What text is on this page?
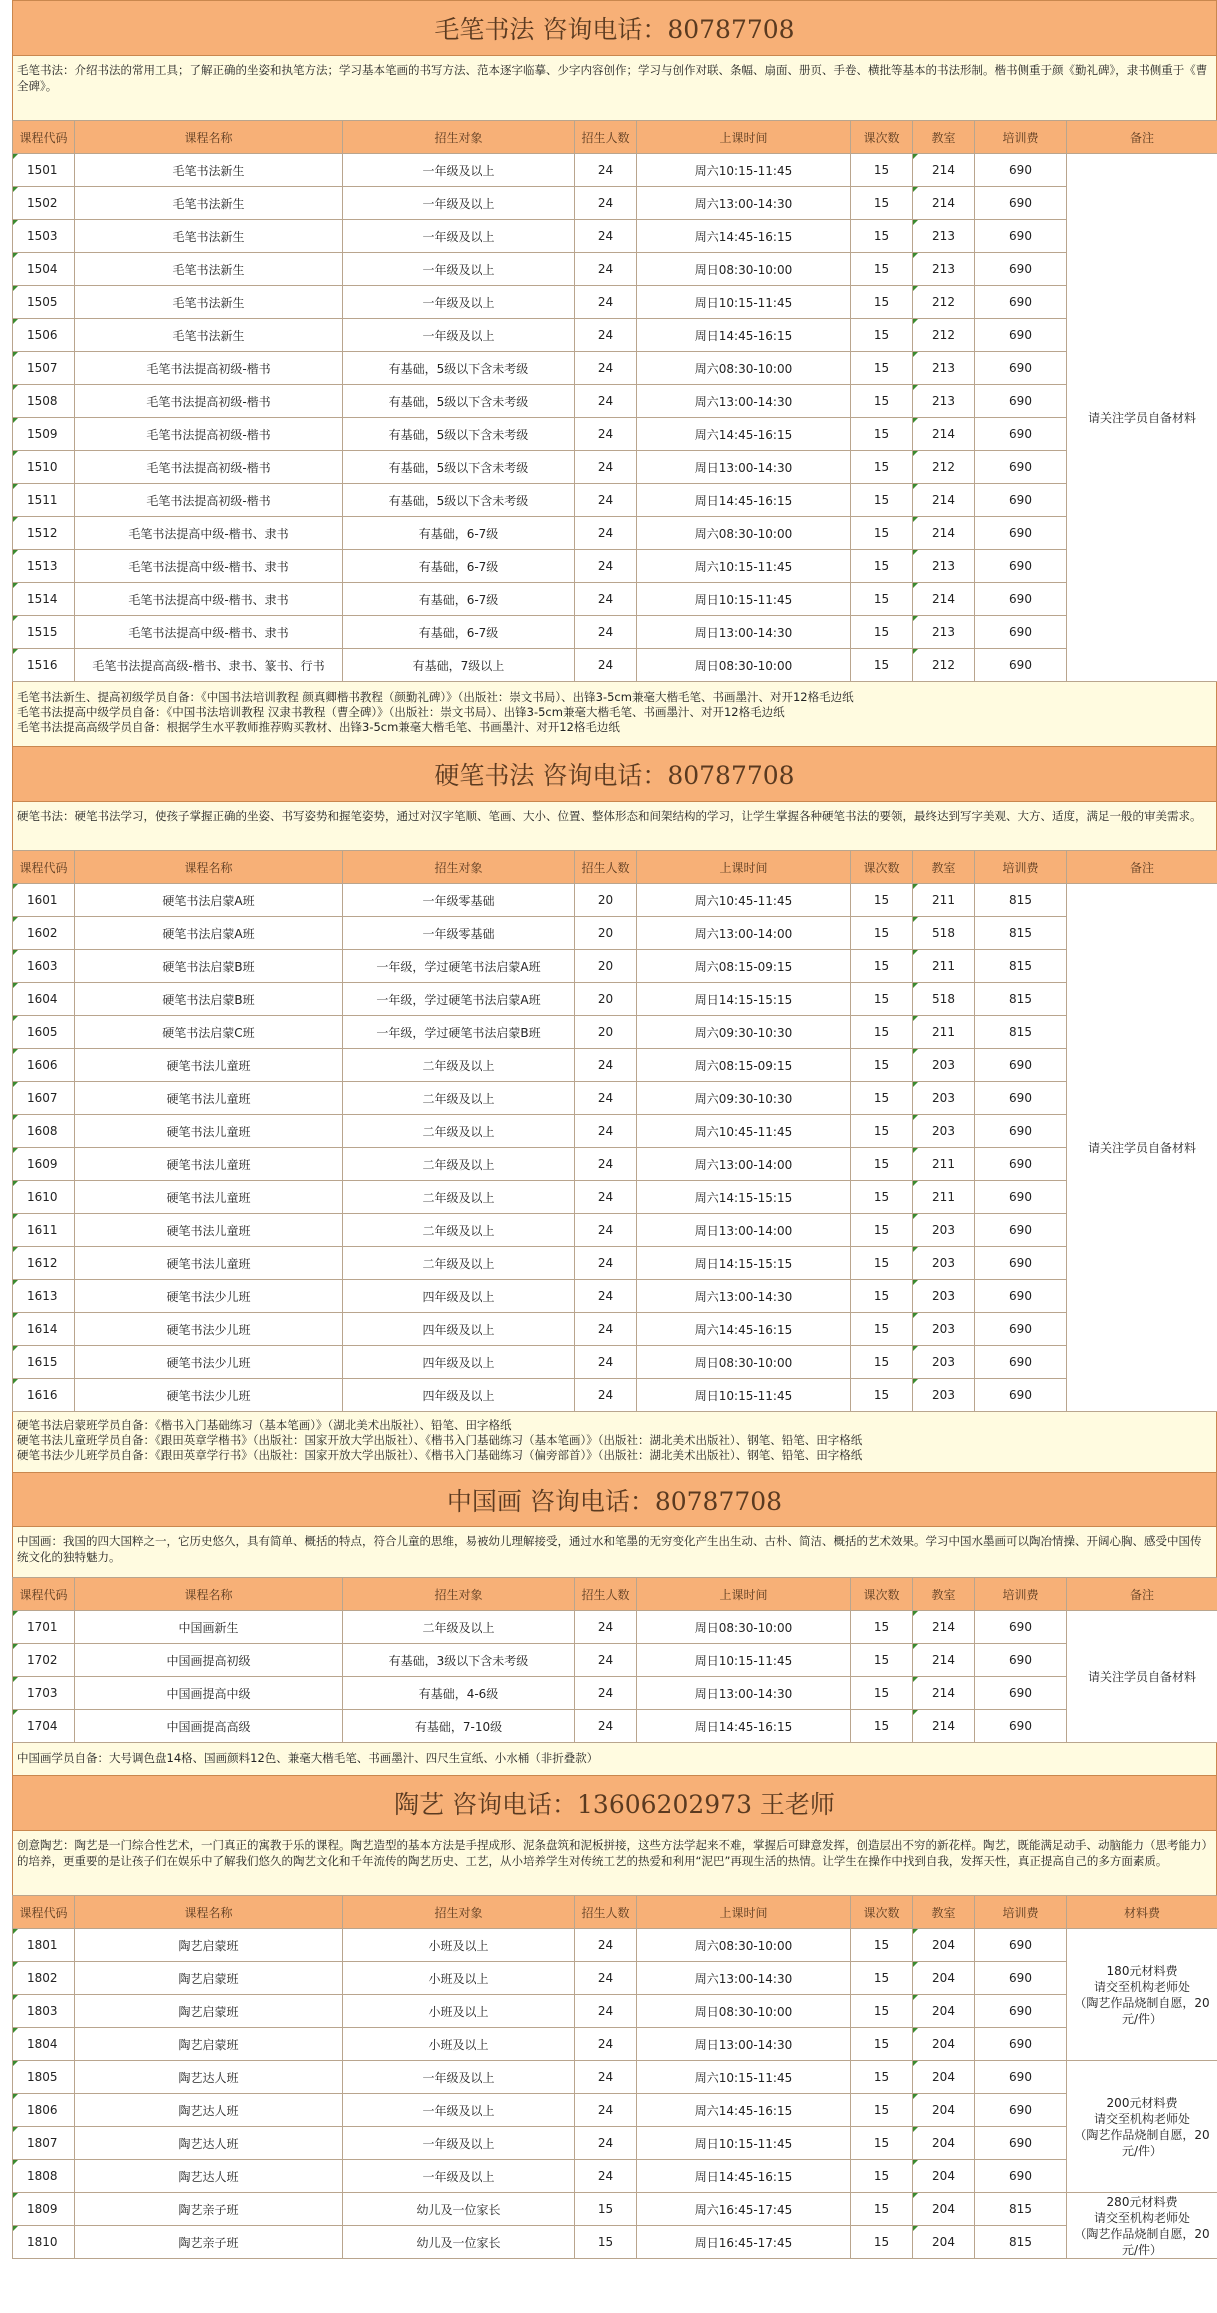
毛笔书法 咨询电话：80787708
毛笔书法：介绍书法的常用工具；了解正确的坐姿和执笔方法；学习基本笔画的书写方法、范本逐字临摹、少字内容创作；学习与创作对联、条幅、扇面、册页、手卷、横批等基本的书法形制。楷书侧重于颜《勤礼碑》，隶书侧重于《曹全碑》。
课程代码	课程名称	招生对象	招生人数	上课时间	课次数	教室	培训费	备注
1501	毛笔书法新生	一年级及以上	24	周六10:15-11:45	15	214	690	请关注学员自备材料
1502	毛笔书法新生	一年级及以上	24	周六13:00-14:30	15	214	690	
1503	毛笔书法新生	一年级及以上	24	周六14:45-16:15	15	213	690	
1504	毛笔书法新生	一年级及以上	24	周日08:30-10:00	15	213	690	
1505	毛笔书法新生	一年级及以上	24	周日10:15-11:45	15	212	690	
1506	毛笔书法新生	一年级及以上	24	周日14:45-16:15	15	212	690	
1507	毛笔书法提高初级-楷书	有基础，5级以下含未考级	24	周六08:30-10:00	15	213	690	
1508	毛笔书法提高初级-楷书	有基础，5级以下含未考级	24	周六13:00-14:30	15	213	690	
1509	毛笔书法提高初级-楷书	有基础，5级以下含未考级	24	周六14:45-16:15	15	214	690	
1510	毛笔书法提高初级-楷书	有基础，5级以下含未考级	24	周日13:00-14:30	15	212	690	
1511	毛笔书法提高初级-楷书	有基础，5级以下含未考级	24	周日14:45-16:15	15	214	690	
1512	毛笔书法提高中级-楷书、隶书	有基础，6-7级	24	周六08:30-10:00	15	214	690	
1513	毛笔书法提高中级-楷书、隶书	有基础，6-7级	24	周六10:15-11:45	15	213	690	
1514	毛笔书法提高中级-楷书、隶书	有基础，6-7级	24	周日10:15-11:45	15	214	690	
1515	毛笔书法提高中级-楷书、隶书	有基础，6-7级	24	周日13:00-14:30	15	213	690	
1516	毛笔书法提高高级-楷书、隶书、篆书、行书	有基础，7级以上	24	周日08:30-10:00	15	212	690	
毛笔书法新生、提高初级学员自备：《中国书法培训教程 颜真卿楷书教程（颜勤礼碑）》（出版社：崇文书局）、出锋3-5cm兼毫大楷毛笔、书画墨汁、对开12格毛边纸
毛笔书法提高中级学员自备：《中国书法培训教程 汉隶书教程（曹全碑）》（出版社：崇文书局）、出锋3-5cm兼毫大楷毛笔、书画墨汁、对开12格毛边纸
毛笔书法提高高级学员自备：根据学生水平教师推荐购买教材、出锋3-5cm兼毫大楷毛笔、书画墨汁、对开12格毛边纸
硬笔书法 咨询电话：80787708
硬笔书法：硬笔书法学习，使孩子掌握正确的坐姿、书写姿势和握笔姿势，通过对汉字笔顺、笔画、大小、位置、整体形态和间架结构的学习，让学生掌握各种硬笔书法的要领，最终达到写字美观、大方、适度，满足一般的审美需求。
课程代码	课程名称	招生对象	招生人数	上课时间	课次数	教室	培训费	备注
1601	硬笔书法启蒙A班	一年级零基础	20	周六10:45-11:45	15	211	815	请关注学员自备材料
1602	硬笔书法启蒙A班	一年级零基础	20	周六13:00-14:00	15	518	815	
1603	硬笔书法启蒙B班	一年级，学过硬笔书法启蒙A班	20	周六08:15-09:15	15	211	815	
1604	硬笔书法启蒙B班	一年级，学过硬笔书法启蒙A班	20	周日14:15-15:15	15	518	815	
1605	硬笔书法启蒙C班	一年级，学过硬笔书法启蒙B班	20	周六09:30-10:30	15	211	815	
1606	硬笔书法儿童班	二年级及以上	24	周六08:15-09:15	15	203	690	
1607	硬笔书法儿童班	二年级及以上	24	周六09:30-10:30	15	203	690	
1608	硬笔书法儿童班	二年级及以上	24	周六10:45-11:45	15	203	690	
1609	硬笔书法儿童班	二年级及以上	24	周六13:00-14:00	15	211	690	
1610	硬笔书法儿童班	二年级及以上	24	周六14:15-15:15	15	211	690	
1611	硬笔书法儿童班	二年级及以上	24	周日13:00-14:00	15	203	690	
1612	硬笔书法儿童班	二年级及以上	24	周日14:15-15:15	15	203	690	
1613	硬笔书法少儿班	四年级及以上	24	周六13:00-14:30	15	203	690	
1614	硬笔书法少儿班	四年级及以上	24	周六14:45-16:15	15	203	690	
1615	硬笔书法少儿班	四年级及以上	24	周日08:30-10:00	15	203	690	
1616	硬笔书法少儿班	四年级及以上	24	周日10:15-11:45	15	203	690	
硬笔书法启蒙班学员自备：《楷书入门基础练习（基本笔画）》（湖北美术出版社）、铅笔、田字格纸
硬笔书法儿童班学员自备：《跟田英章学楷书》（出版社：国家开放大学出版社）、《楷书入门基础练习（基本笔画）》（出版社：湖北美术出版社）、钢笔、铅笔、田字格纸
硬笔书法少儿班学员自备：《跟田英章学行书》（出版社：国家开放大学出版社）、《楷书入门基础练习（偏旁部首）》（出版社：湖北美术出版社）、钢笔、铅笔、田字格纸
中国画 咨询电话：80787708
中国画：我国的四大国粹之一，它历史悠久，具有简单、概括的特点，符合儿童的思维，易被幼儿理解接受，通过水和笔墨的无穷变化产生出生动、古朴、简洁、概括的艺术效果。学习中国水墨画可以陶冶情操、开阔心胸、感受中国传统文化的独特魅力。
课程代码	课程名称	招生对象	招生人数	上课时间	课次数	教室	培训费	备注
1701	中国画新生	二年级及以上	24	周日08:30-10:00	15	214	690	请关注学员自备材料
1702	中国画提高初级	有基础，3级以下含未考级	24	周日10:15-11:45	15	214	690	
1703	中国画提高中级	有基础，4-6级	24	周日13:00-14:30	15	214	690	
1704	中国画提高高级	有基础，7-10级	24	周日14:45-16:15	15	214	690	
中国画学员自备：大号调色盘14格、国画颜料12色、兼毫大楷毛笔、书画墨汁、四尺生宣纸、小水桶（非折叠款）
陶艺 咨询电话：13606202973 王老师
创意陶艺：陶艺是一门综合性艺术，一门真正的寓教于乐的课程。陶艺造型的基本方法是手捏成形、泥条盘筑和泥板拼接，这些方法学起来不难，掌握后可肆意发挥，创造层出不穷的新花样。陶艺，既能满足动手、动脑能力（思考能力）的培养，更重要的是让孩子们在娱乐中了解我们悠久的陶艺文化和千年流传的陶艺历史、工艺，从小培养学生对传统工艺的热爱和利用“泥巴”再现生活的热情。让学生在操作中找到自我，发挥天性，真正提高自己的多方面素质。
课程代码	课程名称	招生对象	招生人数	上课时间	课次数	教室	培训费	材料费
1801	陶艺启蒙班	小班及以上	24	周六08:30-10:00	15	204	690	180元材料费
请交至机构老师处
（陶艺作品烧制自愿，20元/件）
1802	陶艺启蒙班	小班及以上	24	周六13:00-14:30	15	204	690	
1803	陶艺启蒙班	小班及以上	24	周日08:30-10:00	15	204	690	
1804	陶艺启蒙班	小班及以上	24	周日13:00-14:30	15	204	690	
1805	陶艺达人班	一年级及以上	24	周六10:15-11:45	15	204	690	200元材料费
请交至机构老师处
（陶艺作品烧制自愿，20元/件）
1806	陶艺达人班	一年级及以上	24	周六14:45-16:15	15	204	690	
1807	陶艺达人班	一年级及以上	24	周日10:15-11:45	15	204	690	
1808	陶艺达人班	一年级及以上	24	周日14:45-16:15	15	204	690	
1809	陶艺亲子班	幼儿及一位家长	15	周六16:45-17:45	15	204	815	280元材料费
请交至机构老师处
（陶艺作品烧制自愿，20元/件）
1810	陶艺亲子班	幼儿及一位家长	15	周日16:45-17:45	15	204	815	
